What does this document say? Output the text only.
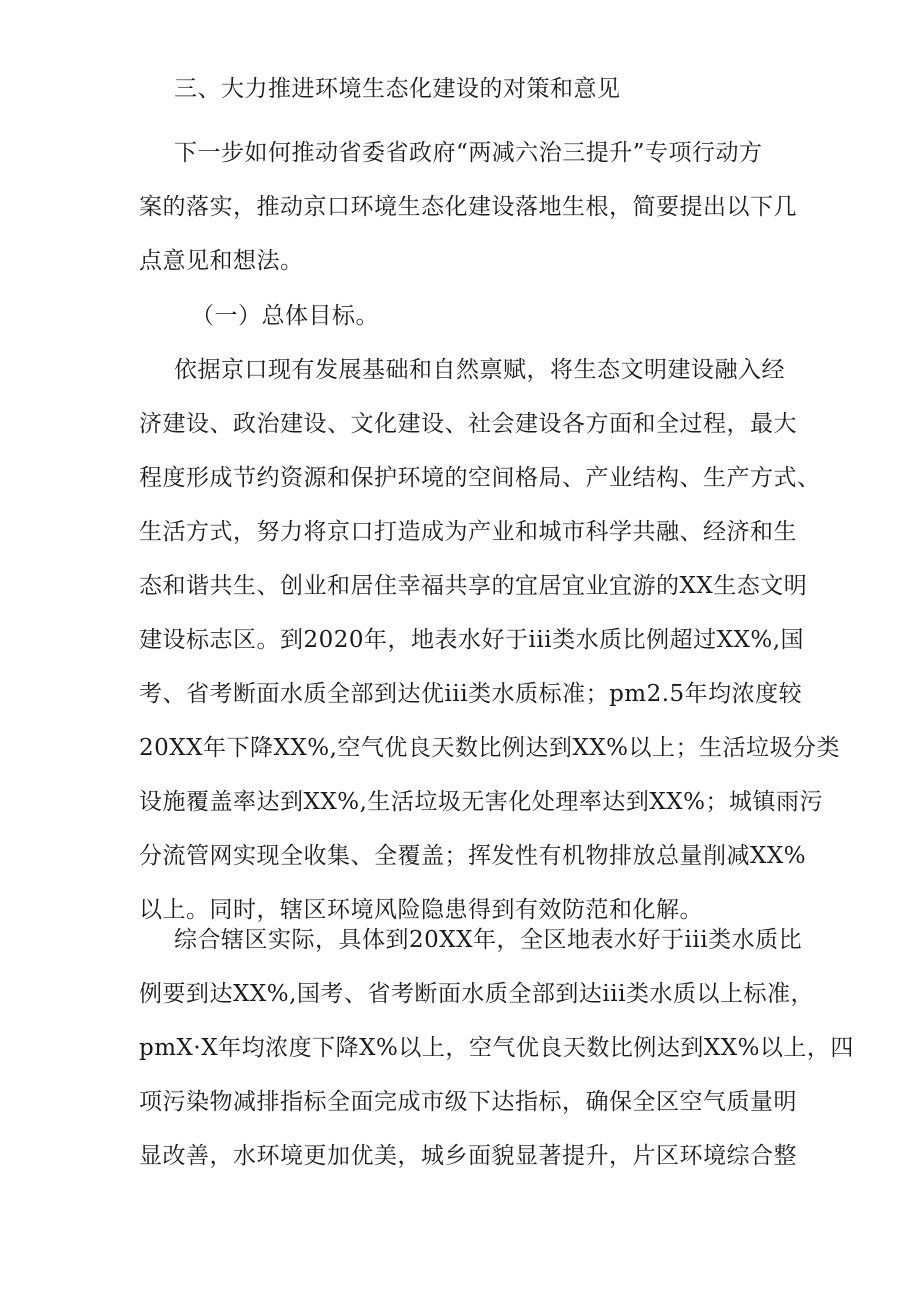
三、大力推进环境生态化建设的对策和意见

下一步如何推动省委省政府“两减六治三提升”专项行动方
案的落实，推动京口环境生态化建设落地生根，简要提出以下几
点意见和想法。

（一）总体目标。

依据京口现有发展基础和自然禀赋，将生态文明建设融入经
济建设、政治建设、文化建设、社会建设各方面和全过程，最大
程度形成节约资源和保护环境的空间格局、产业结构、生产方式、
生活方式，努力将京口打造成为产业和城市科学共融、经济和生
态和谐共生、创业和居住幸福共享的宜居宜业宜游的XX生态文明
建设标志区。到2020年，地表水好于iii类水质比例超过XX%,国
考、省考断面水质全部到达优iii类水质标准；pm2.5年均浓度较
20XX年下降XX%,空气优良天数比例达到XX%以上；生活垃圾分类
设施覆盖率达到XX%,生活垃圾无害化处理率达到XX%；城镇雨污
分流管网实现全收集、全覆盖；挥发性有机物排放总量削减XX%
以上。同时，辖区环境风险隐患得到有效防范和化解。

综合辖区实际，具体到20XX年，全区地表水好于iii类水质比
例要到达XX%,国考、省考断面水质全部到达iii类水质以上标准，
pmX·X年均浓度下降X%以上，空气优良天数比例达到XX%以上，四
项污染物减排指标全面完成市级下达指标，确保全区空气质量明
显改善，水环境更加优美，城乡面貌显著提升，片区环境综合整
